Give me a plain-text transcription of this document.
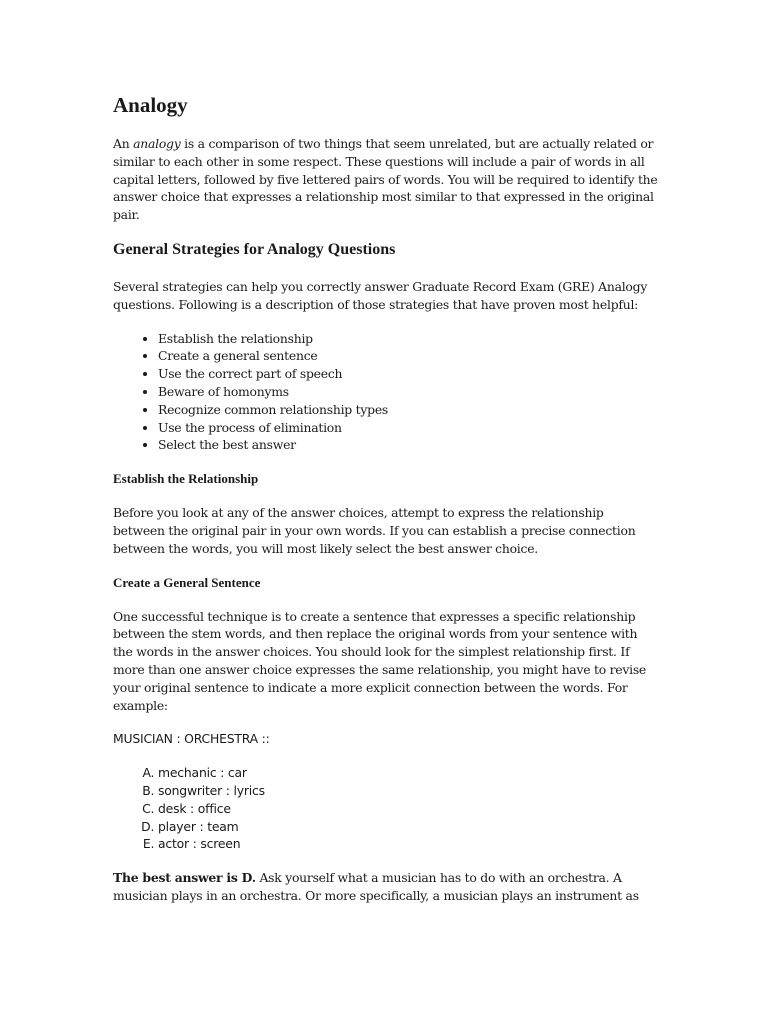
Analogy

An analogy is a comparison of two things that seem unrelated, but are actually related or similar to each other in some respect. These questions will include a pair of words in all capital letters, followed by five lettered pairs of words. You will be required to identify the answer choice that expresses a relationship most similar to that expressed in the original pair.

General Strategies for Analogy Questions

Several strategies can help you correctly answer Graduate Record Exam (GRE) Analogy questions. Following is a description of those strategies that have proven most helpful:

• Establish the relationship
• Create a general sentence
• Use the correct part of speech
• Beware of homonyms
• Recognize common relationship types
• Use the process of elimination
• Select the best answer
Establish the Relationship

Before you look at any of the answer choices, attempt to express the relationship between the original pair in your own words. If you can establish a precise connection between the words, you will most likely select the best answer choice.

Create a General Sentence

One successful technique is to create a sentence that expresses a specific relationship between the stem words, and then replace the original words from your sentence with the words in the answer choices. You should look for the simplest relationship first. If more than one answer choice expresses the same relationship, you might have to revise your original sentence to indicate a more explicit connection between the words. For example:

MUSICIAN : ORCHESTRA ::

A. mechanic : car
B. songwriter : lyrics
C. desk : office
D. player : team
E. actor : screen

The best answer is D. Ask yourself what a musician has to do with an orchestra. A musician plays in an orchestra. Or more specifically, a musician plays an instrument as
